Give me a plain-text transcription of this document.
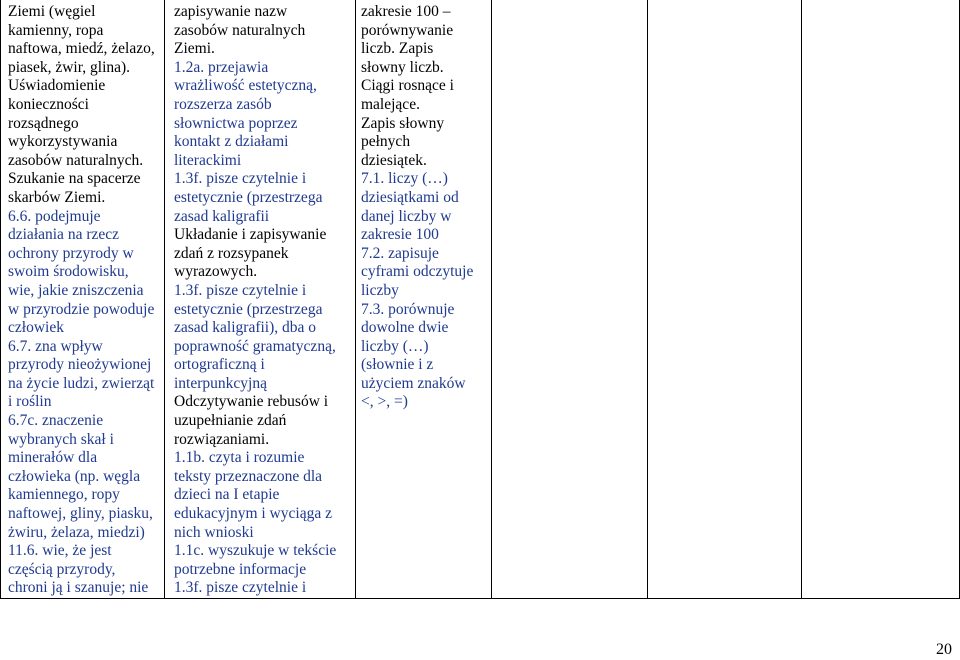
Ziemi (węgiel
kamienny, ropa
naftowa, miedź, żelazo,
piasek, żwir, glina).
Uświadomienie
konieczności
rozsądnego
wykorzystywania
zasobów naturalnych.
Szukanie na spacerze
skarbów Ziemi.
6.6. podejmuje
działania na rzecz
ochrony przyrody w
swoim środowisku,
wie, jakie zniszczenia
w przyrodzie powoduje
człowiek
6.7. zna wpływ
przyrody nieożywionej
na życie ludzi, zwierząt
i roślin
6.7c. znaczenie
wybranych skał i
minerałów dla
człowieka (np. węgla
kamiennego, ropy
naftowej, gliny, piasku,
żwiru, żelaza, miedzi)
11.6. wie, że jest
częścią przyrody,
chroni ją i szanuje; nie
zapisywanie nazw
zasobów naturalnych
Ziemi.
1.2a. przejawia
wrażliwość estetyczną,
rozszerza zasób
słownictwa poprzez
kontakt z działami
literackimi
1.3f. pisze czytelnie i
estetycznie (przestrzega
zasad kaligrafii
Układanie i zapisywanie
zdań z rozsypanek
wyrazowych.
1.3f. pisze czytelnie i
estetycznie (przestrzega
zasad kaligrafii), dba o
poprawność gramatyczną,
ortograficzną i
interpunkcyjną
Odczytywanie rebusów i
uzupełnianie zdań
rozwiązaniami.
1.1b. czyta i rozumie
teksty przeznaczone dla
dzieci na I etapie
edukacyjnym i wyciąga z
nich wnioski
1.1c. wyszukuje w tekście
potrzebne informacje
1.3f. pisze czytelnie i
zakresie 100 –
porównywanie
liczb. Zapis
słowny liczb.
Ciągi rosnące i
malejące.
Zapis słowny
pełnych
dziesiątek.
7.1. liczy (…)
dziesiątkami od
danej liczby w
zakresie 100
7.2. zapisuje
cyframi odczytuje
liczby
7.3. porównuje
dowolne dwie
liczby (…)
(słownie i z
użyciem znaków
<, >, =)
20
